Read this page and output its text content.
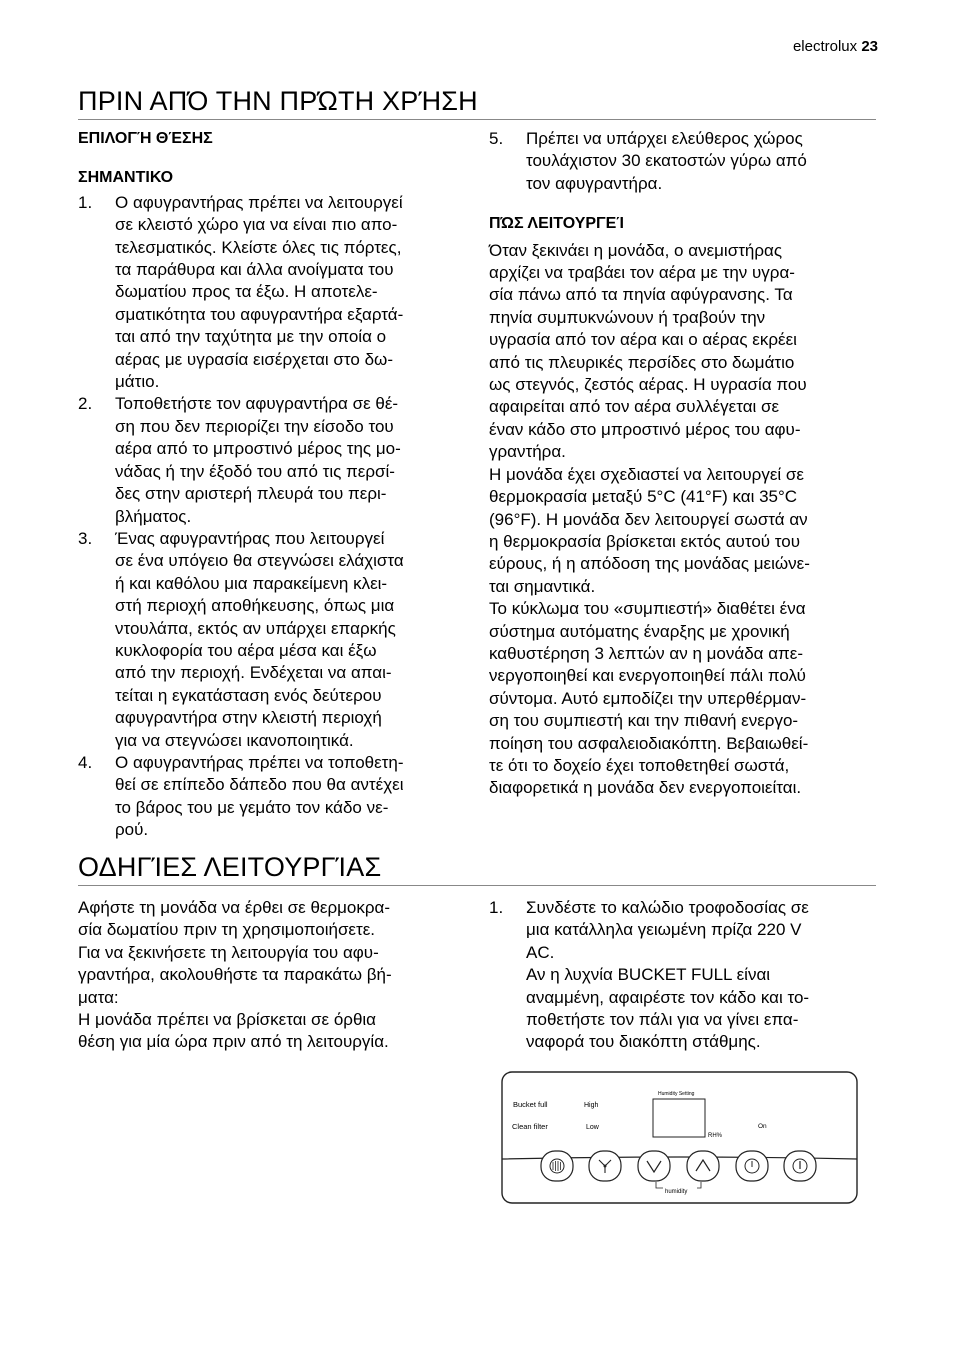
electrolux 23
ΠΡΙΝ ΑΠΌ ΤΗΝ ΠΡΏΤΗ ΧΡΉΣΗ

ΕΠΙΛΟΓΉ ΘΈΣΗΣ

ΣΗΜΑΝΤΙΚΟ

1. Ο αφυγραντήρας πρέπει να λειτουργεί
σε κλειστό χώρο για να είναι πιο απο-
τελεσματικός. Κλείστε όλες τις πόρτες,
τα παράθυρα και άλλα ανοίγματα του
δωματίου προς τα έξω. Η αποτελε-
σματικότητα του αφυγραντήρα εξαρτά-
ται από την ταχύτητα με την οποία ο
αέρας με υγρασία εισέρχεται στο δω-
μάτιο.
2. Τοποθετήστε τον αφυγραντήρα σε θέ-
ση που δεν περιορίζει την είσοδο του
αέρα από το μπροστινό μέρος της μο-
νάδας ή την έξοδό του από τις περσί-
δες στην αριστερή πλευρά του περι-
βλήματος.
3. Ένας αφυγραντήρας που λειτουργεί
σε ένα υπόγειο θα στεγνώσει ελάχιστα
ή και καθόλου μια παρακείμενη κλει-
στή περιοχή αποθήκευσης, όπως μια
ντουλάπα, εκτός αν υπάρχει επαρκής
κυκλοφορία του αέρα μέσα και έξω
από την περιοχή. Ενδέχεται να απαι-
τείται η εγκατάσταση ενός δεύτερου
αφυγραντήρα στην κλειστή περιοχή
για να στεγνώσει ικανοποιητικά.
4. Ο αφυγραντήρας πρέπει να τοποθετη-
θεί σε επίπεδο δάπεδο που θα αντέχει
το βάρος του με γεμάτο τον κάδο νε-
ρού.
5. Πρέπει να υπάρχει ελεύθερος χώρος
τουλάχιστον 30 εκατοστών γύρω από
τον αφυγραντήρα.

ΠΏΣ ΛΕΙΤΟΥΡΓΕΊ

Όταν ξεκινάει η μονάδα, ο ανεμιστήρας
αρχίζει να τραβάει τον αέρα με την υγρα-
σία πάνω από τα πηνία αφύγρανσης. Τα
πηνία συμπυκνώνουν ή τραβούν την
υγρασία από τον αέρα και ο αέρας εκρέει
από τις πλευρικές περσίδες στο δωμάτιο
ως στεγνός, ζεστός αέρας. Η υγρασία που
αφαιρείται από τον αέρα συλλέγεται σε
έναν κάδο στο μπροστινό μέρος του αφυ-
γραντήρα.
Η μονάδα έχει σχεδιαστεί να λειτουργεί σε
θερμοκρασία μεταξύ 5°C (41°F) και 35°C
(96°F). Η μονάδα δεν λειτουργεί σωστά αν
η θερμοκρασία βρίσκεται εκτός αυτού του
εύρους, ή η απόδοση της μονάδας μειώνε-
ται σημαντικά.
Το κύκλωμα του «συμπιεστή» διαθέτει ένα
σύστημα αυτόματης έναρξης με χρονική
καθυστέρηση 3 λεπτών αν η μονάδα απε-
νεργοποιηθεί και ενεργοποιηθεί πάλι πολύ
σύντομα. Αυτό εμποδίζει την υπερθέρμαν-
ση του συμπιεστή και την πιθανή ενεργο-
ποίηση του ασφαλειοδιακόπτη. Βεβαιωθεί-
τε ότι το δοχείο έχει τοποθετηθεί σωστά,
διαφορετικά η μονάδα δεν ενεργοποιείται.
ΟΔΗΓΊΕΣ ΛΕΙΤΟΥΡΓΊΑΣ
Αφήστε τη μονάδα να έρθει σε θερμοκρα-
σία δωματίου πριν τη χρησιμοποιήσετε.
Για να ξεκινήσετε τη λειτουργία του αφυ-
γραντήρα, ακολουθήστε τα παρακάτω βή-
ματα:
Η μονάδα πρέπει να βρίσκεται σε όρθια
θέση για μία ώρα πριν από τη λειτουργία.
1. Συνδέστε το καλώδιο τροφοδοσίας σε
μια κατάλληλα γειωμένη πρίζα 220 V
AC.
Αν η λυχνία BUCKET FULL είναι
αναμμένη, αφαιρέστε τον κάδο και το-
ποθετήστε τον πάλι για να γίνει επα-
ναφορά του διακόπτη στάθμης.
Bucket full
Clean filter
High
Low
Humidity Setting
RH%
On
humidity
